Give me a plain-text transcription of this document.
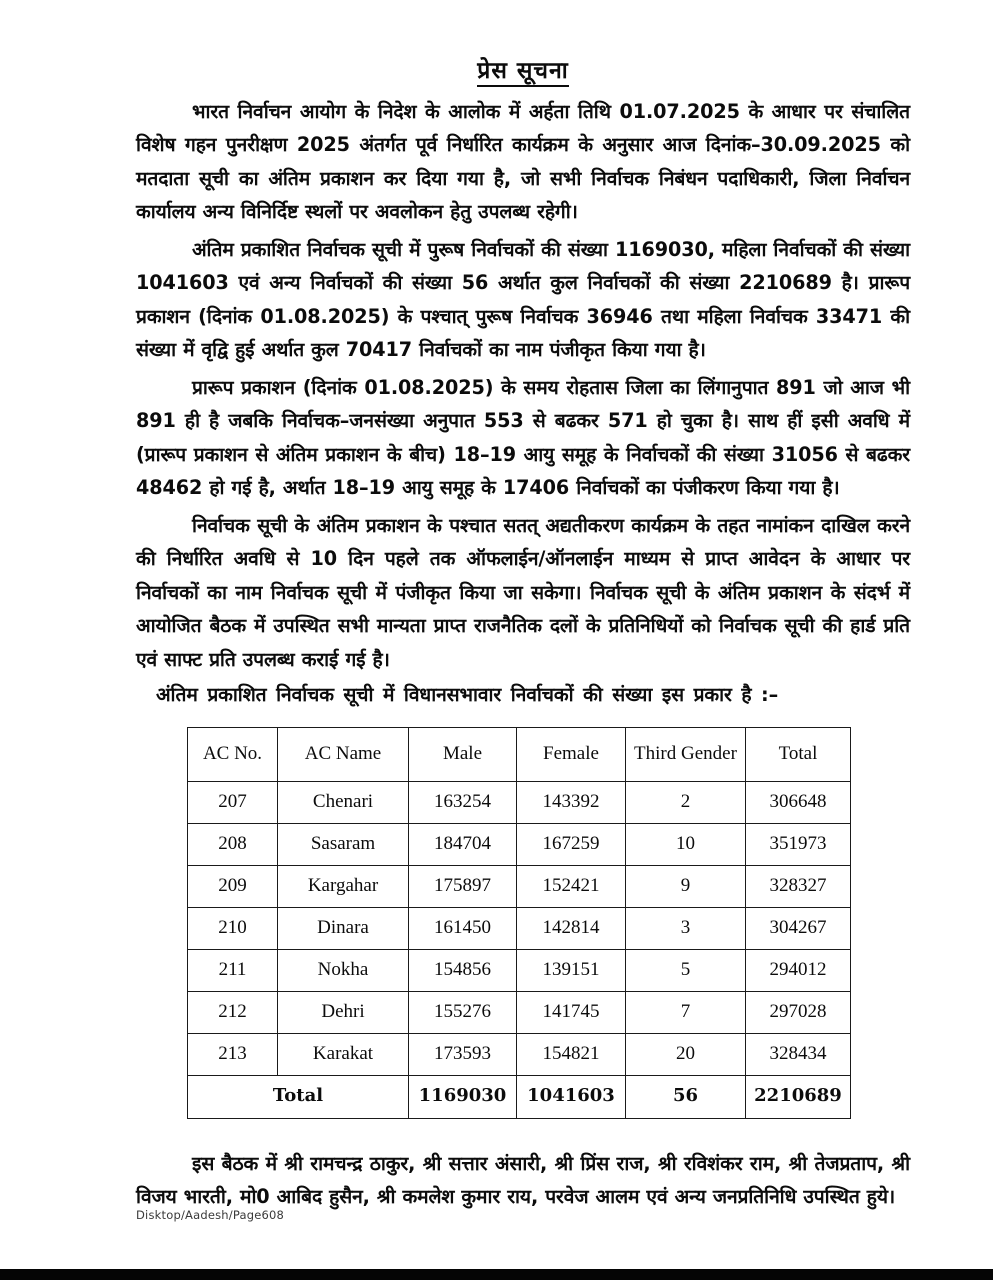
प्रेस सूचना

भारत निर्वाचन आयोग के निदेश के आलोक में अर्हता तिथि 01.07.2025 के आधार पर संचालित विशेष गहन पुनरीक्षण 2025 अंतर्गत पूर्व निर्धारित कार्यक्रम के अनुसार आज दिनांक–30.09.2025 को मतदाता सूची का अंतिम प्रकाशन कर दिया गया है, जो सभी निर्वाचक निबंधन पदाधिकारी, जिला निर्वाचन कार्यालय अन्य विनिर्दिष्ट स्थलों पर अवलोकन हेतु उपलब्ध रहेगी।

अंतिम प्रकाशित निर्वाचक सूची में पुरूष निर्वाचकों की संख्या 1169030, महिला निर्वाचकों की संख्या 1041603 एवं अन्य निर्वाचकों की संख्या 56 अर्थात कुल निर्वाचकों की संख्या 2210689 है। प्रारूप प्रकाशन (दिनांक 01.08.2025) के पश्चात् पुरूष निर्वाचक 36946 तथा महिला निर्वाचक 33471 की संख्या में वृद्वि हुई अर्थात कुल 70417 निर्वाचकों का नाम पंजीकृत किया गया है।

प्रारूप प्रकाशन (दिनांक 01.08.2025) के समय रोहतास जिला का लिंगानुपात 891 जो आज भी 891 ही है जबकि निर्वाचक–जनसंख्या अनुपात 553 से बढकर 571 हो चुका है। साथ हीं इसी अवधि में (प्रारूप प्रकाशन से अंतिम प्रकाशन के बीच) 18–19 आयु समूह के निर्वाचकों की संख्या 31056 से बढकर 48462 हो गई है, अर्थात 18–19 आयु समूह के 17406 निर्वाचकों का पंजीकरण किया गया है।

निर्वाचक सूची के अंतिम प्रकाशन के पश्चात सतत् अद्यतीकरण कार्यक्रम के तहत नामांकन दाखिल करने की निर्धारित अवधि से 10 दिन पहले तक ऑफलाईन/ऑनलाईन माध्यम से प्राप्त आवेदन के आधार पर निर्वाचकों का नाम निर्वाचक सूची में पंजीकृत किया जा सकेगा। निर्वाचक सूची के अंतिम प्रकाशन के संदर्भ में आयोजित बैठक में उपस्थित सभी मान्यता प्राप्त राजनैतिक दलों के प्रतिनिधियों को निर्वाचक सूची की हार्ड प्रति एवं साफ्ट प्रति उपलब्ध कराई गई है।

अंतिम प्रकाशित निर्वाचक सूची में विधानसभावार निर्वाचकों की संख्या इस प्रकार है :–

AC No.	AC Name	Male	Female	Third Gender	Total
207	Chenari	163254	143392	2	306648
208	Sasaram	184704	167259	10	351973
209	Kargahar	175897	152421	9	328327
210	Dinara	161450	142814	3	304267
211	Nokha	154856	139151	5	294012
212	Dehri	155276	141745	7	297028
213	Karakat	173593	154821	20	328434
Total		1169030	1041603	56	2210689

इस बैठक में श्री रामचन्द्र ठाकुर, श्री सत्तार अंसारी, श्री प्रिंस राज, श्री रविशंकर राम, श्री तेजप्रताप, श्री विजय भारती, मो0 आबिद हुसैन, श्री कमलेश कुमार राय, परवेज आलम एवं अन्य जनप्रतिनिधि उपस्थित हुये।

Disktop/Aadesh/Page608
